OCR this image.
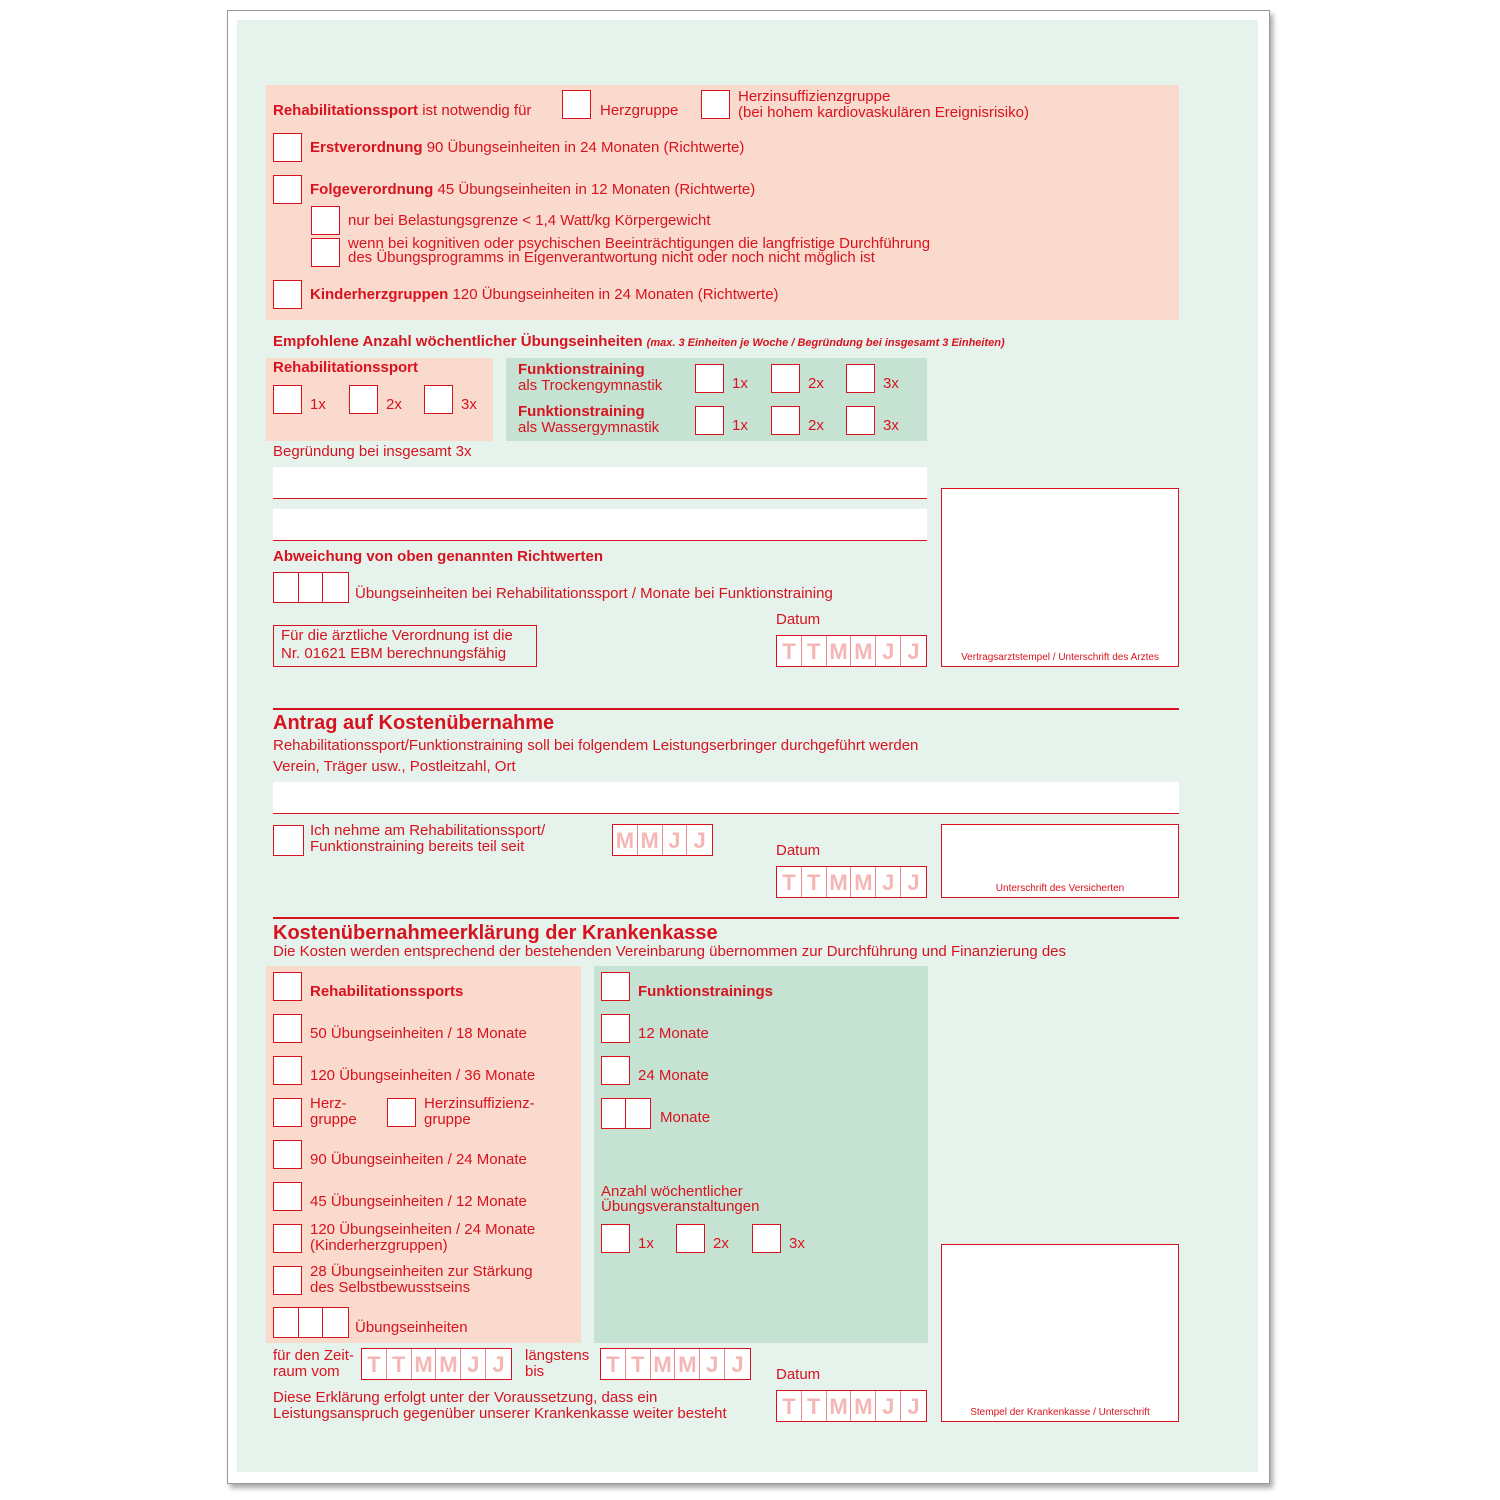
Rehabilitationssport ist notwendig für	Herzgruppe
Herzinsuffizienzgruppe
(bei hohem kardiovaskulären Ereignisrisiko)
Erstverordnung 90 Übungseinheiten in 24 Monaten (Richtwerte)
Folgeverordnung 45 Übungseinheiten in 12 Monaten (Richtwerte)
nur bei Belastungsgrenze < 1,4 Watt/kg Körpergewicht
wenn bei kognitiven oder psychischen Beeinträchtigungen die langfristige Durchführung
des Übungsprogramms in Eigenverantwortung nicht oder noch nicht möglich ist
Kinderherzgruppen 120 Übungseinheiten in 24 Monaten (Richtwerte)
Empfohlene Anzahl wöchentlicher Übungseinheiten (max. 3 Einheiten je Woche / Begründung bei insgesamt 3 Einheiten)
Rehabilitationssport
1x	2x	3x
Funktionstraining
als Trockengymnastik	1x	2x	3x
Funktionstraining
als Wassergymnastik	1x	2x	3x
Begründung bei insgesamt 3x
Abweichung von oben genannten Richtwerten
Übungseinheiten bei Rehabilitationssport / Monate bei Funktionstraining
Für die ärztliche Verordnung ist die
Nr. 01621 EBM berechnungsfähig
Datum
T T M M J J	Vertragsarztstempel / Unterschrift des Arztes
Antrag auf Kostenübernahme
Rehabilitationssport/Funktionstraining soll bei folgendem Leistungserbringer durchgeführt werden
Verein, Träger usw., Postleitzahl, Ort
Ich nehme am Rehabilitationssport/
Funktionstraining bereits teil seit	M M J J	Datum
T T M M J J	Unterschrift des Versicherten
Kostenübernahmeerklärung der Krankenkasse
Die Kosten werden entsprechend der bestehenden Vereinbarung übernommen zur Durchführung und Finanzierung des
Rehabilitationssports
50 Übungseinheiten / 18 Monate
120 Übungseinheiten / 36 Monate
Herz-
gruppe
Herzinsuffizienz-
gruppe
90 Übungseinheiten / 24 Monate
45 Übungseinheiten / 12 Monate
120 Übungseinheiten / 24 Monate
(Kinderherzgruppen)
28 Übungseinheiten zur Stärkung
des Selbstbewusstseins
Übungseinheiten
Funktionstrainings
12 Monate
24 Monate
Monate
Anzahl wöchentlicher
Übungsveranstaltungen
1x	2x	3x
für den Zeit-
raum vom T T M M J J	längstens
bis	T T M M J J
Diese Erklärung erfolgt unter der Voraussetzung, dass ein
Leistungsanspruch gegenüber unserer Krankenkasse weiter besteht
Datum
T T M M J J	Stempel der Krankenkasse / Unterschrift
